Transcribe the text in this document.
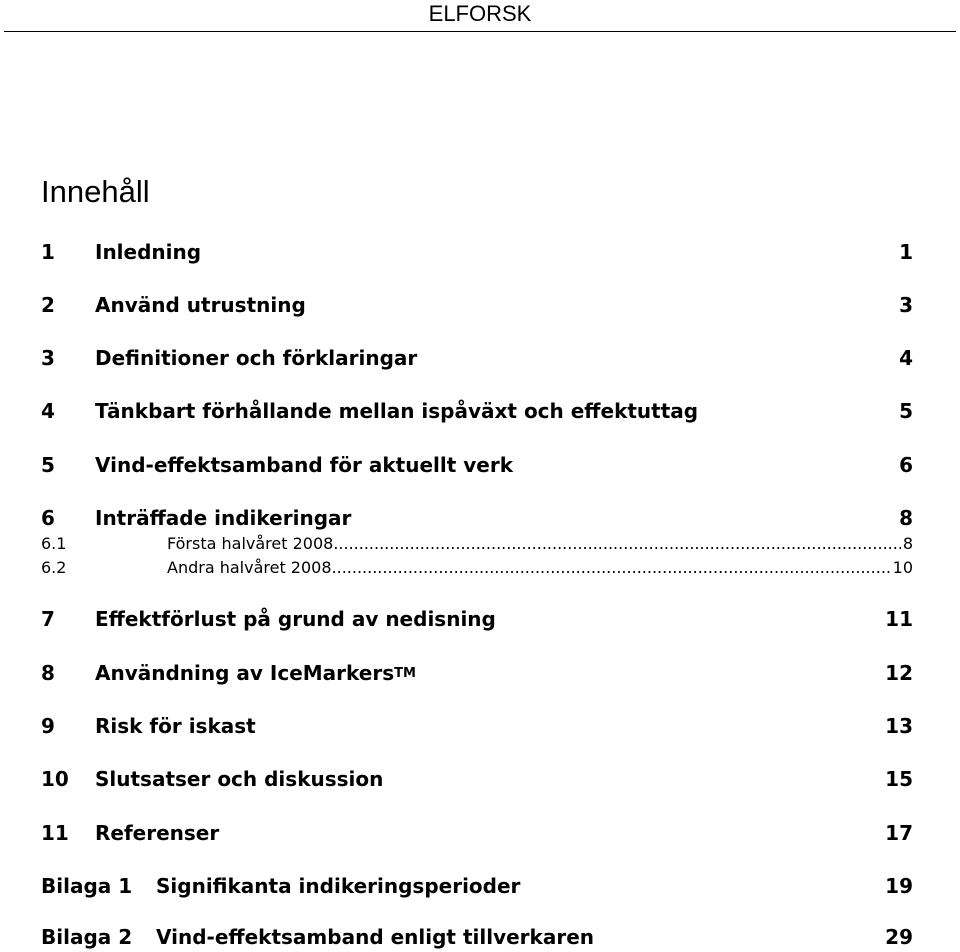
ELFORSK
Innehåll
1 Inledning	1
2 Använd utrustning	3
3 Definitioner och förklaringar	4
4 Tänkbart förhållande mellan ispåväxt och effektuttag	5
5 Vind-effektsamband för aktuellt verk	6
6 Inträffade indikeringar	8
6.1	Första halvåret 2008 .....	8
6.2	Andra halvåret 2008 .....	10
7 Effektförlust på grund av nedisning	11
8 Användning av IceMarkersTM	12
9 Risk för iskast	13
10 Slutsatser och diskussion	15
11 Referenser	17
Bilaga 1 Signifikanta indikeringsperioder	19
Bilaga 2 Vind-effektsamband enligt tillverkaren	29
